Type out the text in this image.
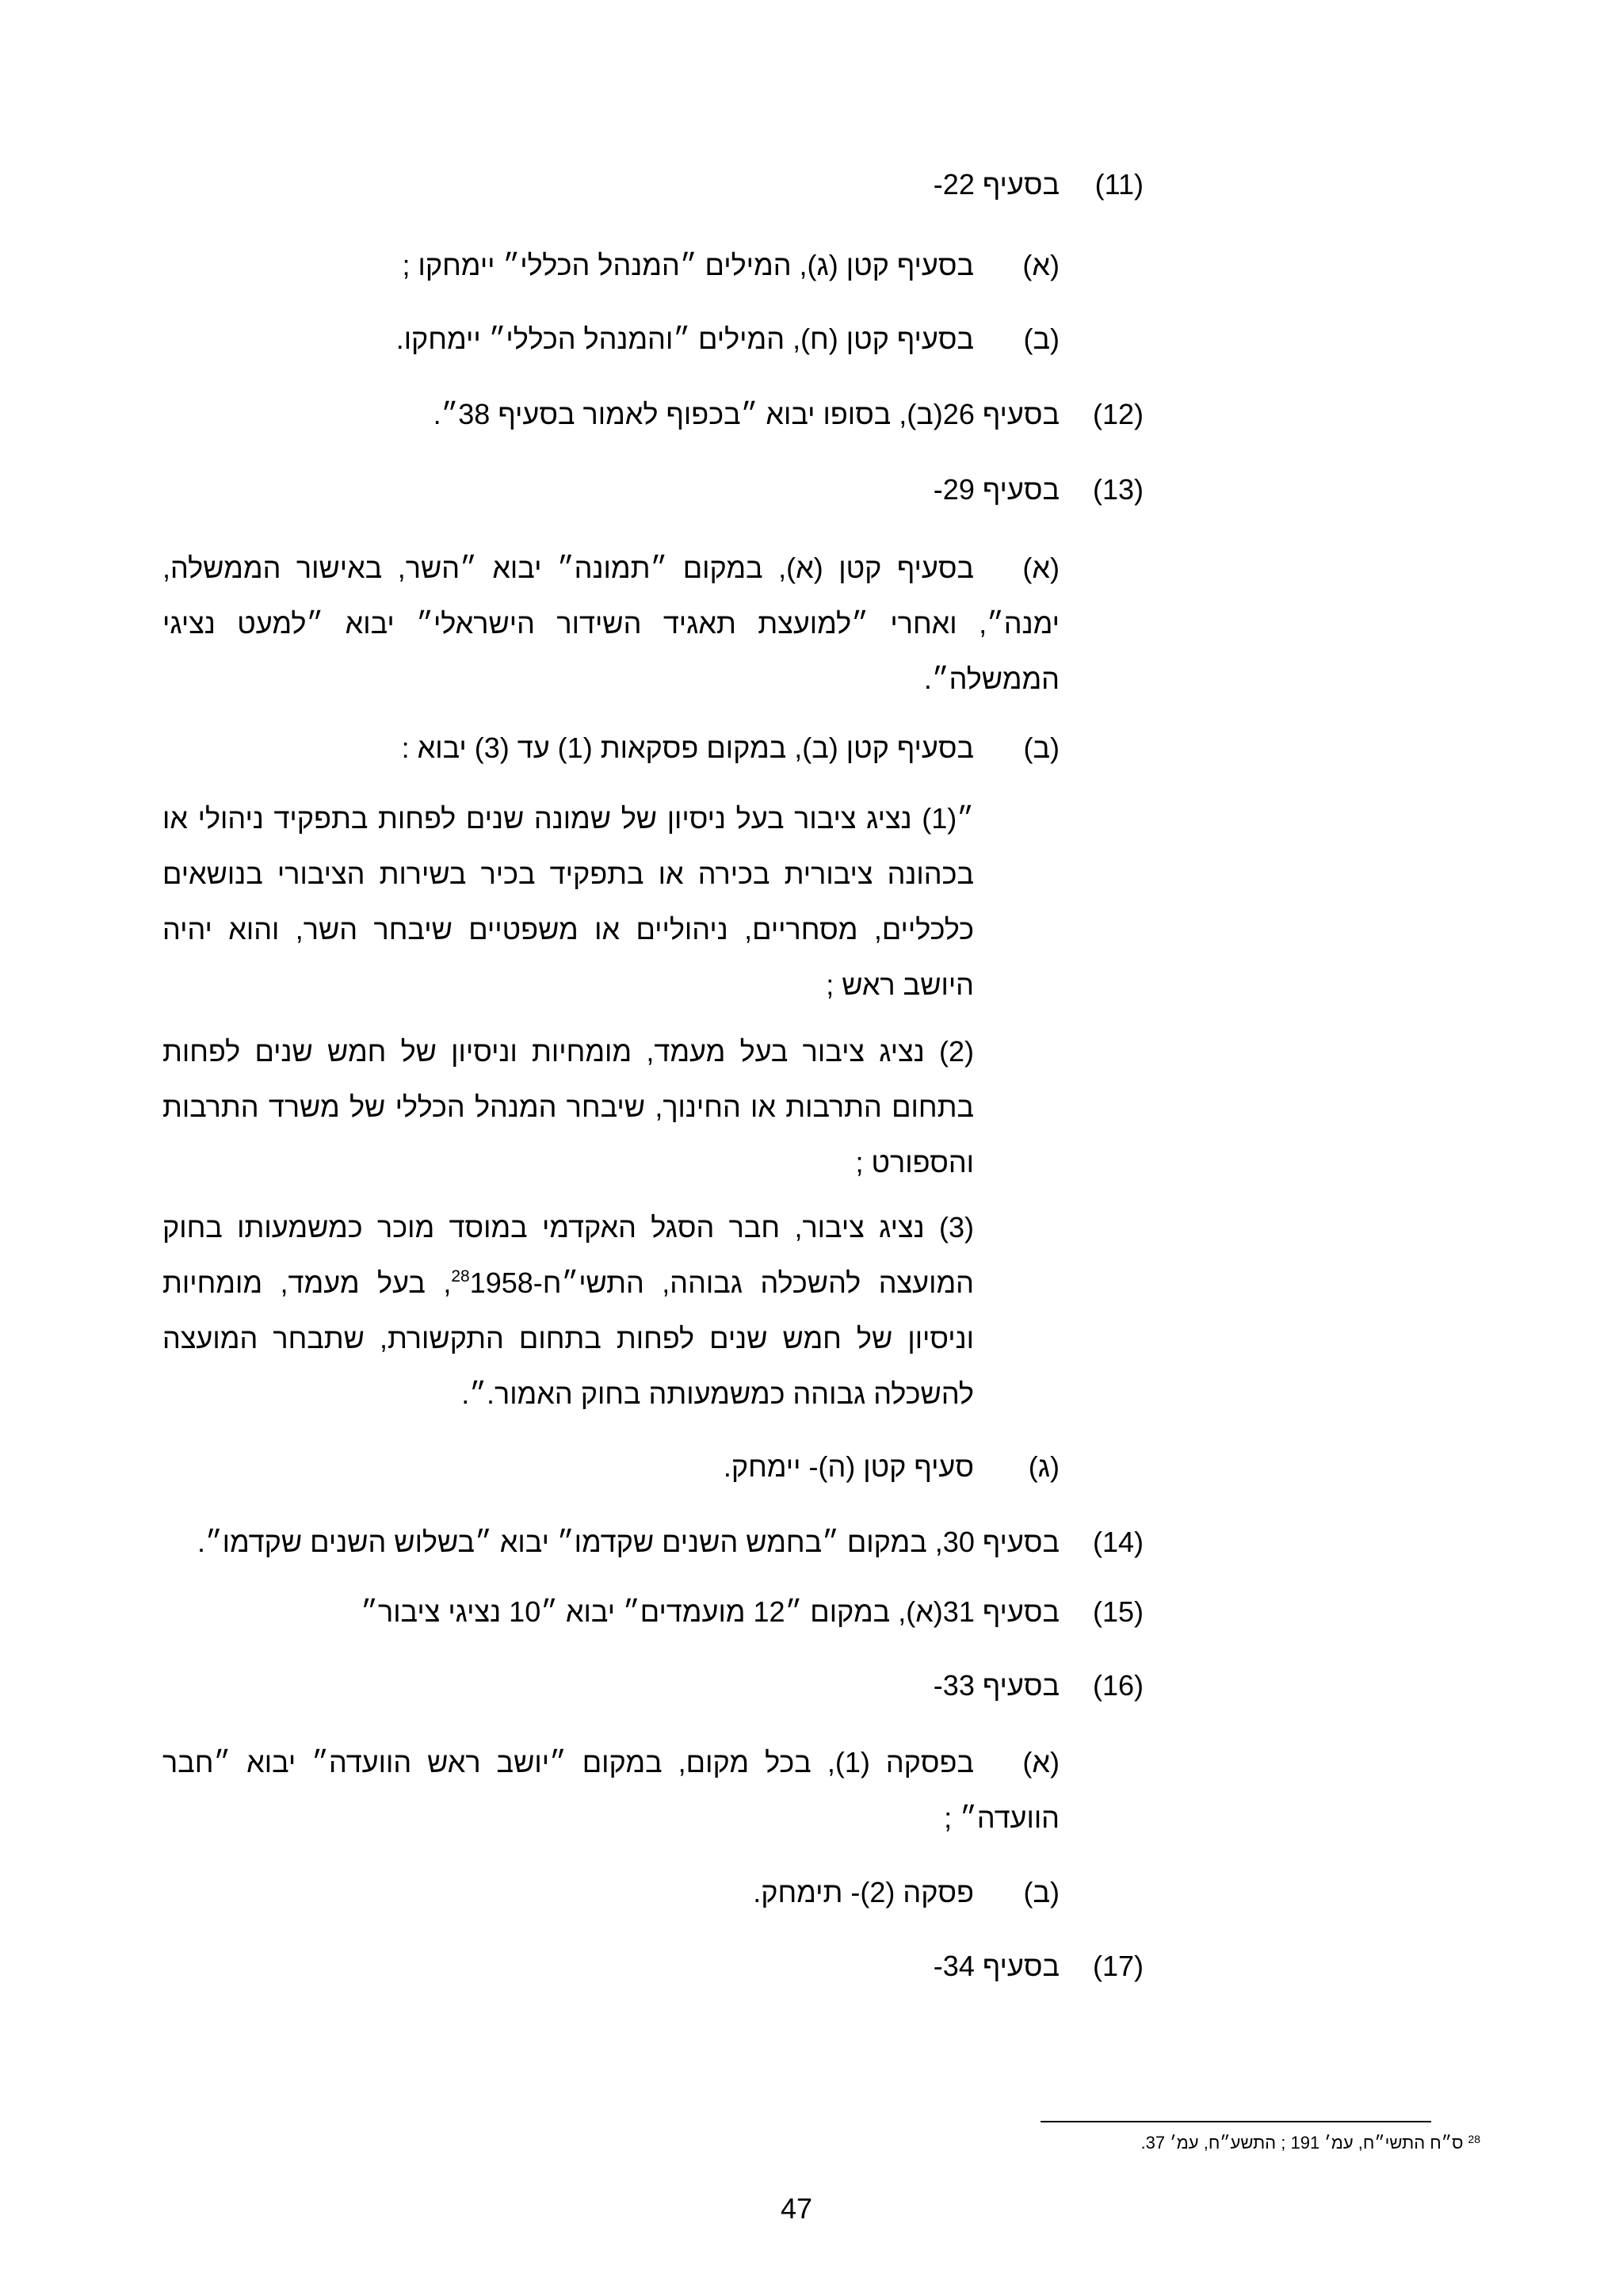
(11)
בסעיף 22-
(א)
בסעיף קטן (ג), המילים ״המנהל הכללי״ יימחקו ;
(ב)
בסעיף קטן (ח), המילים ״והמנהל הכללי״ יימחקו.
(12)
בסעיף 26(ב), בסופו יבוא ״בכפוף לאמור בסעיף 38״.
(13)
בסעיף 29-
(א)
בסעיף קטן (א), במקום ״תמונה״ יבוא ״השר, באישור הממשלה, ימנה״, ואחרי ״למועצת תאגיד השידור הישראלי״ יבוא ״למעט נציגי הממשלה״.
(ב)
בסעיף קטן (ב), במקום פסקאות (1) עד (3) יבוא :
״(1) נציג ציבור בעל ניסיון של שמונה שנים לפחות בתפקיד ניהולי או בכהונה ציבורית בכירה או בתפקיד בכיר בשירות הציבורי בנושאים כלכליים, מסחריים, ניהוליים או משפטיים שיבחר השר, והוא יהיה היושב ראש ;
(2) נציג ציבור בעל מעמד, מומחיות וניסיון של חמש שנים לפחות בתחום התרבות או החינוך, שיבחר המנהל הכללי של משרד התרבות והספורט ;
(3) נציג ציבור, חבר הסגל האקדמי במוסד מוכר כמשמעותו בחוק המועצה להשכלה גבוהה, התשי״ח-1958$^{28}$, בעל מעמד, מומחיות וניסיון של חמש שנים לפחות בתחום התקשורת, שתבחר המועצה להשכלה גבוהה כמשמעותה בחוק האמור.״.
(ג)
סעיף קטן (ה)- יימחק.
(14)
בסעיף 30, במקום ״בחמש השנים שקדמו״ יבוא ״בשלוש השנים שקדמו״.
(15)
בסעיף 31(א), במקום ״12 מועמדים״ יבוא ״10 נציגי ציבור״
(16)
בסעיף 33-
(א)
בפסקה (1), בכל מקום, במקום ״יושב ראש הוועדה״ יבוא ״חבר הוועדה״ ;
(ב)
פסקה (2)- תימחק.
(17)
בסעיף 34-
$^{28}$ס״ח התשי״ח, עמ׳ 191 ; התשע״ח, עמ׳ 37.
47
